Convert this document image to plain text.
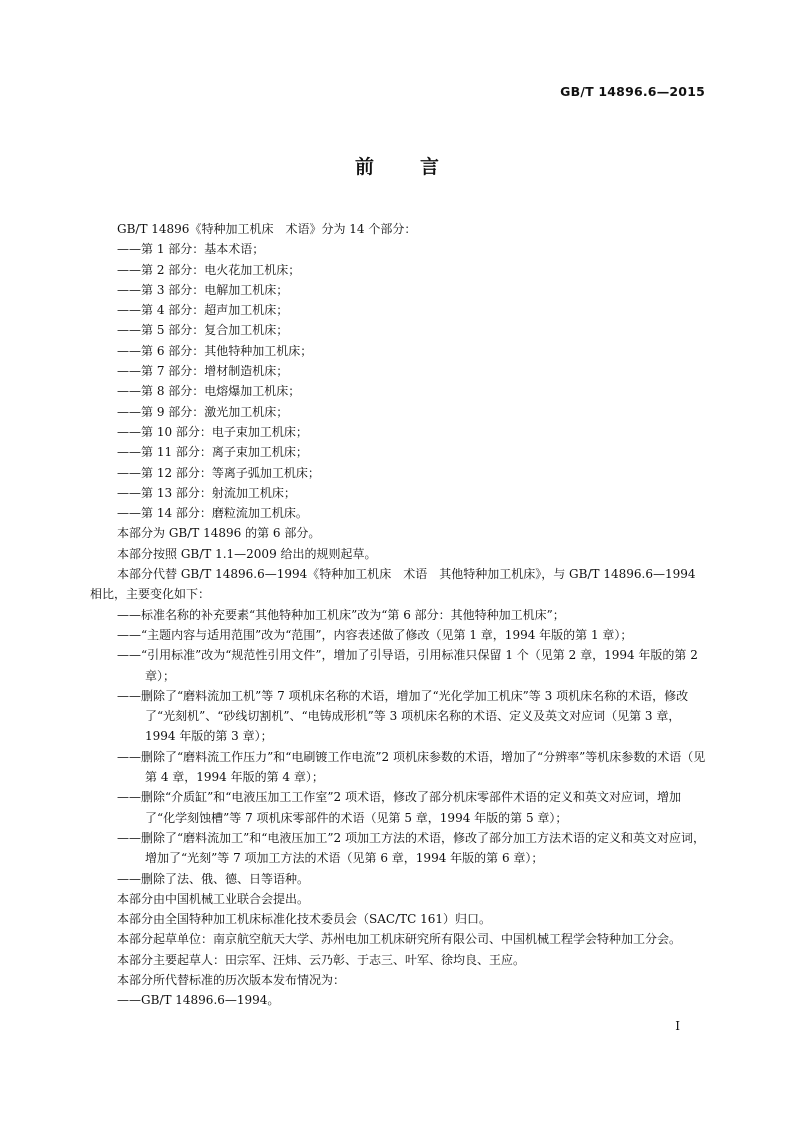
GB/T 14896.6—2015
前言

GB/T 14896《特种加工机床　术语》分为 14 个部分：

——第 1 部分：基本术语；

——第 2 部分：电火花加工机床；

——第 3 部分：电解加工机床；

——第 4 部分：超声加工机床；

——第 5 部分：复合加工机床；

——第 6 部分：其他特种加工机床；

——第 7 部分：增材制造机床；

——第 8 部分：电熔爆加工机床；

——第 9 部分：激光加工机床；

——第 10 部分：电子束加工机床；

——第 11 部分：离子束加工机床；

——第 12 部分：等离子弧加工机床；

——第 13 部分：射流加工机床；

——第 14 部分：磨粒流加工机床。

本部分为 GB/T 14896 的第 6 部分。

本部分按照 GB/T 1.1—2009 给出的规则起草。

本部分代替 GB/T 14896.6—1994《特种加工机床　术语　其他特种加工机床》，与 GB/T 14896.6—1994 相比，主要变化如下：

——标准名称的补充要素“其他特种加工机床”改为“第 6 部分：其他特种加工机床”；

——“主题内容与适用范围”改为“范围”，内容表述做了修改（见第 1 章，1994 年版的第 1 章）；

——“引用标准”改为“规范性引用文件”，增加了引导语，引用标准只保留 1 个（见第 2 章，1994 年版的第 2 章）；

——删除了“磨料流加工机”等 7 项机床名称的术语，增加了“光化学加工机床”等 3 项机床名称的术语，修改了“光刻机”、“砂线切割机”、“电铸成形机”等 3 项机床名称的术语、定义及英文对应词（见第 3 章，1994 年版的第 3 章）；

——删除了“磨料流工作压力”和“电刷镀工作电流”2 项机床参数的术语，增加了“分辨率”等机床参数的术语（见第 4 章，1994 年版的第 4 章）；

——删除“介质缸”和“电液压加工工作室”2 项术语，修改了部分机床零部件术语的定义和英文对应词，增加了“化学刻蚀槽”等 7 项机床零部件的术语（见第 5 章，1994 年版的第 5 章）；

——删除了“磨料流加工”和“电液压加工”2 项加工方法的术语，修改了部分加工方法术语的定义和英文对应词，增加了“光刻”等 7 项加工方法的术语（见第 6 章，1994 年版的第 6 章）；

——删除了法、俄、德、日等语种。

本部分由中国机械工业联合会提出。

本部分由全国特种加工机床标准化技术委员会（SAC/TC 161）归口。

本部分起草单位：南京航空航天大学、苏州电加工机床研究所有限公司、中国机械工程学会特种加工分会。

本部分主要起草人：田宗军、汪炜、云乃彰、于志三、叶军、徐均良、王应。

本部分所代替标准的历次版本发布情况为：

——GB/T 14896.6—1994。

I
